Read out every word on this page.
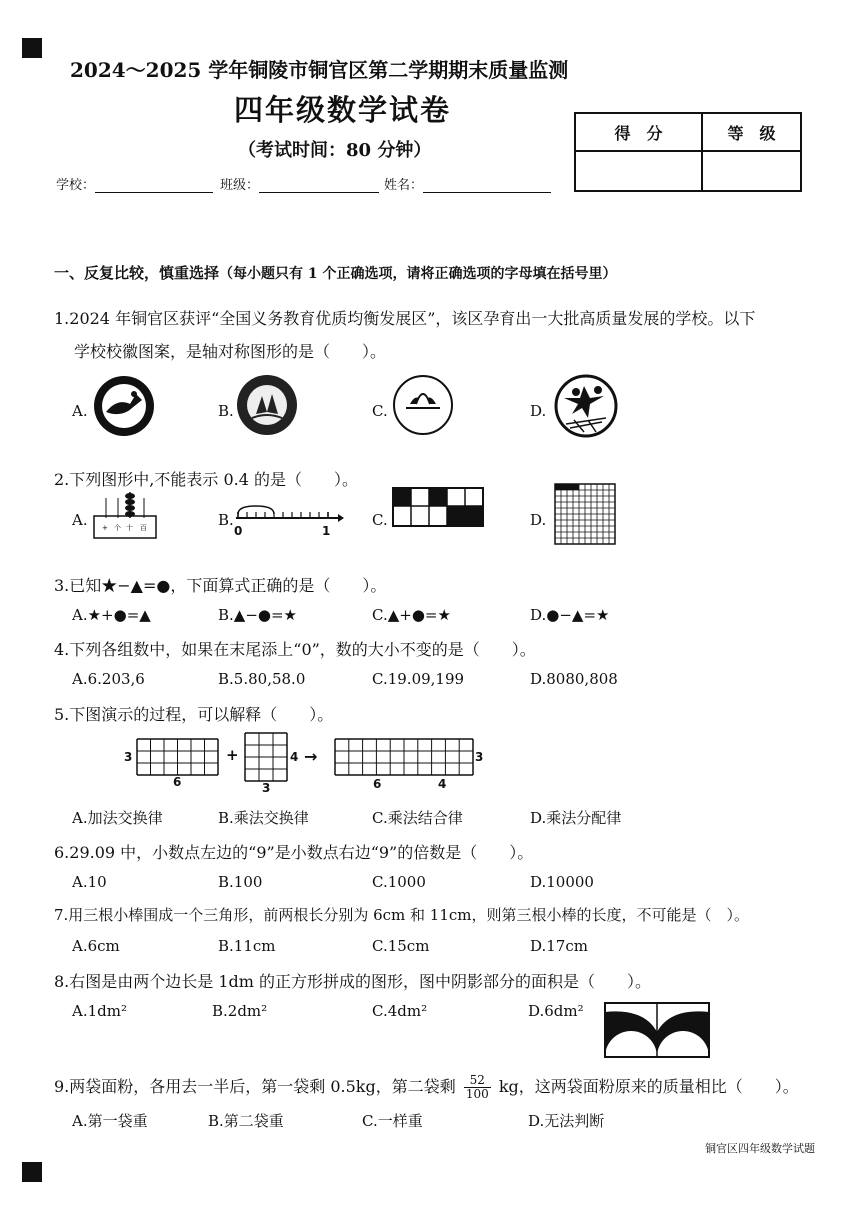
2024～2025 学年铜陵市铜官区第二学期期末质量监测
四年级数学试卷
（考试时间：80 分钟）
学校：	班级：	姓名：
得　分	等　级
一、反复比较，慎重选择（每小题只有 1 个正确选项，请将正确选项的字母填在括号里）
1.2024 年铜官区获评“全国义务教育优质均衡发展区”，该区孕育出一大批高质量发展的学校。以下
学校校徽图案，是轴对称图形的是（　　）。
A.	B.	C.	D.
2.下列图形中,不能表示 0.4 的是（　　）。
A.	B.	C.	D.
+ 个 十 百	0	1
3.已知★−▲=●，下面算式正确的是（　　）。
A.★+●=▲	B.▲−●=★	C.▲+●=★	D.●−▲=★
4.下列各组数中，如果在末尾添上“0”，数的大小不变的是（　　）。
A.6.203,6	B.5.80,58.0	C.19.09,199	D.8080,808
5.下图演示的过程，可以解释（　　）。
3
6
+	4
3
→
6	4
3
A.加法交换律	B.乘法交换律	C.乘法结合律	D.乘法分配律
6.29.09 中，小数点左边的“9”是小数点右边“9”的倍数是（　　）。
A.10	B.100	C.1000	D.10000
7.用三根小棒围成一个三角形，前两根长分别为 6cm 和 11cm，则第三根小棒的长度，不可能是（　）。
A.6cm	B.11cm	C.15cm	D.17cm
8.右图是由两个边长是 1dm 的正方形拼成的图形，图中阴影部分的面积是（　　）。
A.1dm²	B.2dm²	C.4dm²	D.6dm²
9.两袋面粉，各用去一半后，第一袋剩 0.5kg，第二袋剩 $\frac{52}{100}$ kg，这两袋面粉原来的质量相比（　　）。
A.第一袋重	B.第二袋重	C.一样重	D.无法判断
铜官区四年级数学试题
